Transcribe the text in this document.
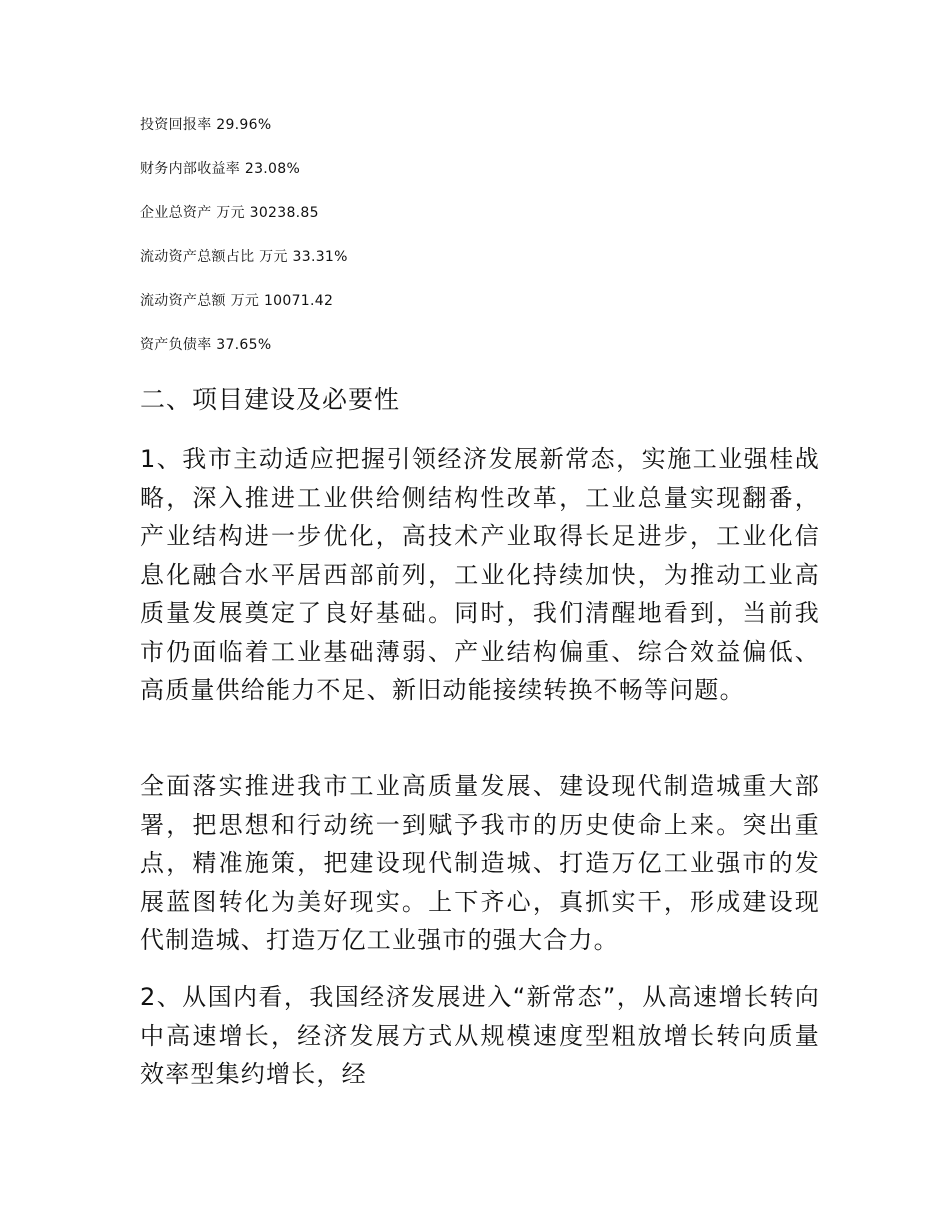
投资回报率 29.96%
财务内部收益率 23.08%
企业总资产 万元 30238.85
流动资产总额占比 万元 33.31%
流动资产总额 万元 10071.42
资产负债率 37.65%
二、项目建设及必要性

1、我市主动适应把握引领经济发展新常态，实施工业强桂战略，深入推进工业供给侧结构性改革，工业总量实现翻番，产业结构进一步优化，高技术产业取得长足进步，工业化信息化融合水平居西部前列，工业化持续加快，为推动工业高质量发展奠定了良好基础。同时，我们清醒地看到，当前我市仍面临着工业基础薄弱、产业结构偏重、综合效益偏低、高质量供给能力不足、新旧动能接续转换不畅等问题。

全面落实推进我市工业高质量发展、建设现代制造城重大部署，把思想和行动统一到赋予我市的历史使命上来。突出重点，精准施策，把建设现代制造城、打造万亿工业强市的发展蓝图转化为美好现实。上下齐心，真抓实干，形成建设现代制造城、打造万亿工业强市的强大合力。

2、从国内看，我国经济发展进入“新常态”，从高速增长转向中高速增长，经济发展方式从规模速度型粗放增长转向质量效率型集约增长，经
